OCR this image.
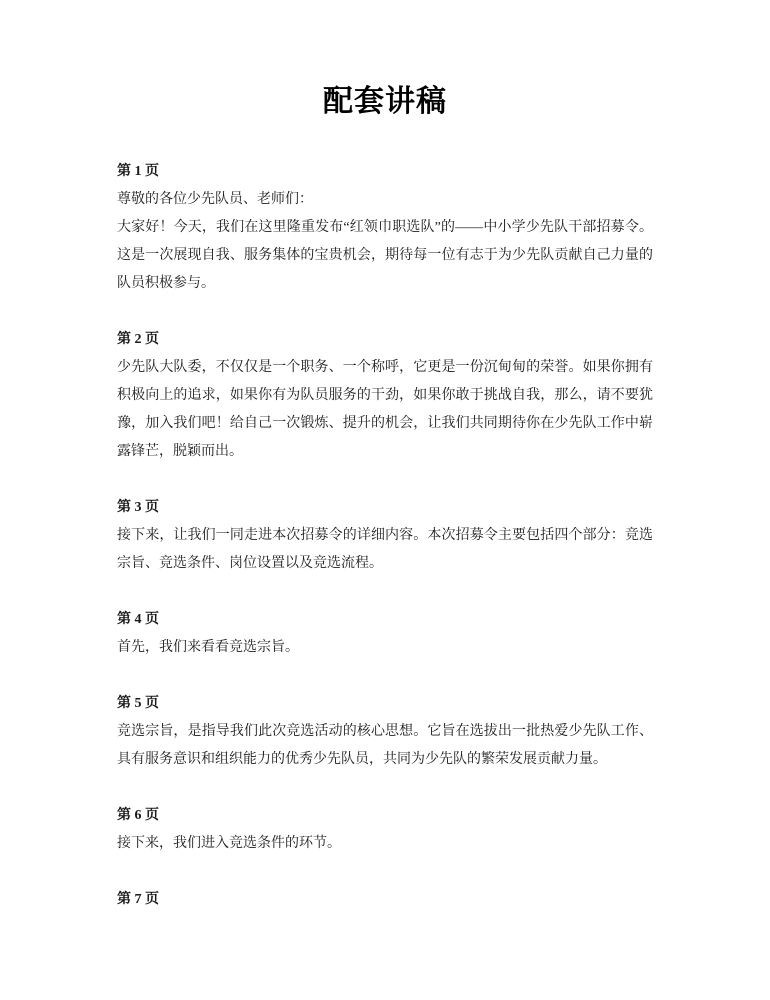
配套讲稿
第 1 页

尊敬的各位少先队员、老师们：

大家好！今天，我们在这里隆重发布“红领巾职选队”的——中小学少先队干部招募令。这是一次展现自我、服务集体的宝贵机会，期待每一位有志于为少先队贡献自己力量的队员积极参与。

第 2 页

少先队大队委，不仅仅是一个职务、一个称呼，它更是一份沉甸甸的荣誉。如果你拥有积极向上的追求，如果你有为队员服务的干劲，如果你敢于挑战自我，那么，请不要犹豫，加入我们吧！给自己一次锻炼、提升的机会，让我们共同期待你在少先队工作中崭露锋芒，脱颖而出。

第 3 页

接下来，让我们一同走进本次招募令的详细内容。本次招募令主要包括四个部分：竞选宗旨、竞选条件、岗位设置以及竞选流程。

第 4 页

首先，我们来看看竞选宗旨。

第 5 页

竞选宗旨，是指导我们此次竞选活动的核心思想。它旨在选拔出一批热爱少先队工作、具有服务意识和组织能力的优秀少先队员，共同为少先队的繁荣发展贡献力量。

第 6 页

接下来，我们进入竞选条件的环节。

第 7 页
